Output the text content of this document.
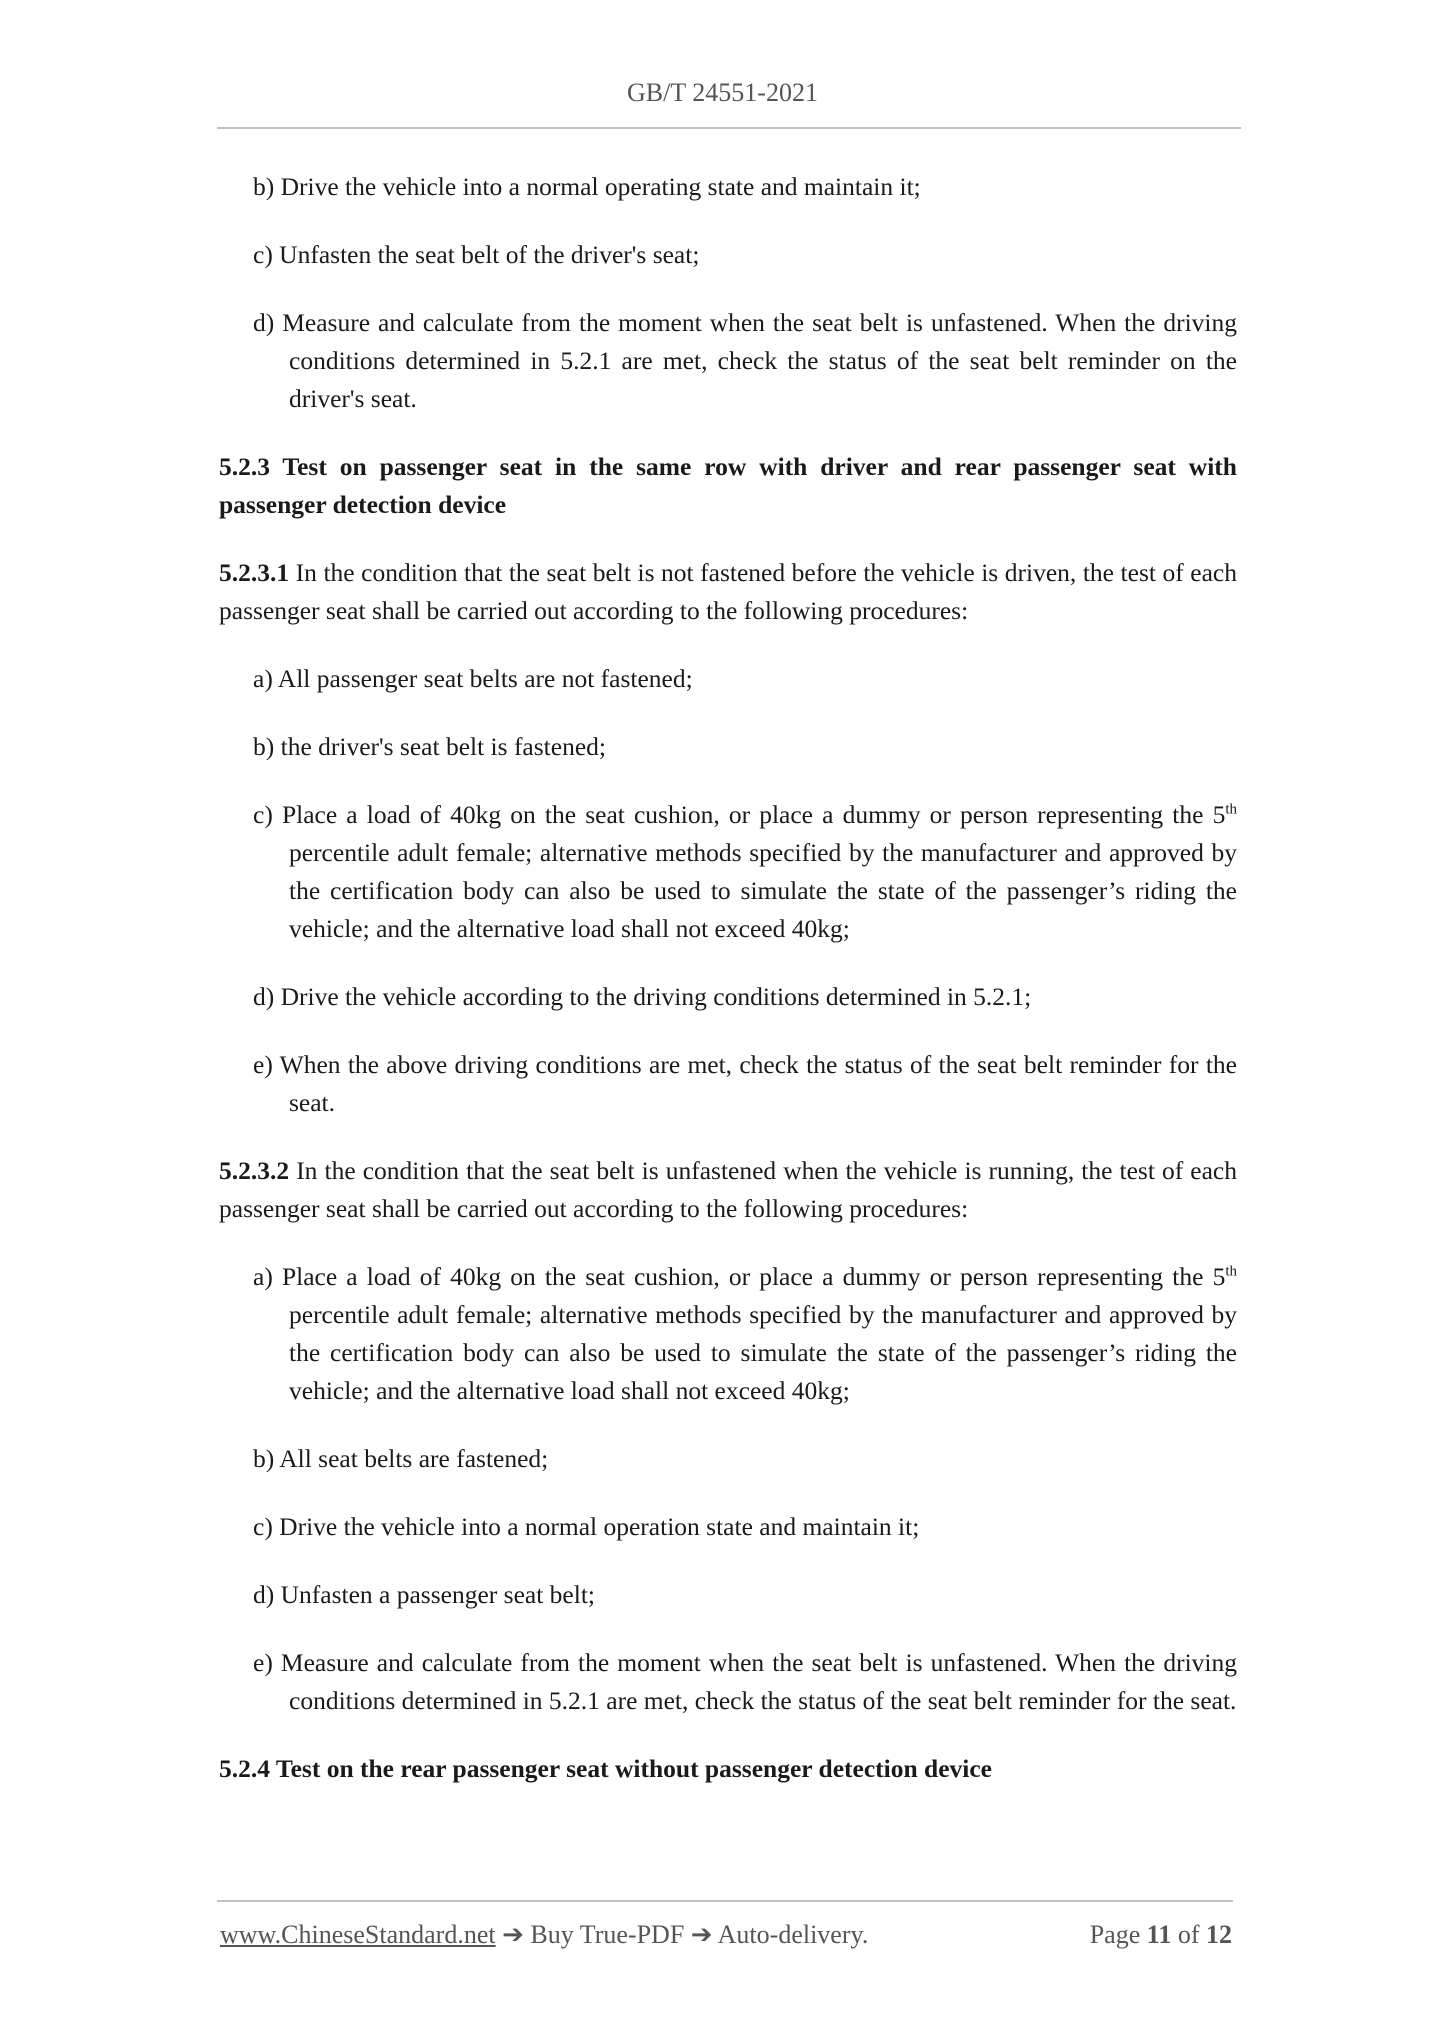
GB/T 24551-2021

b) Drive the vehicle into a normal operating state and maintain it;

c) Unfasten the seat belt of the driver's seat;

d) Measure and calculate from the moment when the seat belt is unfastened. When the driving conditions determined in 5.2.1 are met, check the status of the seat belt reminder on the driver's seat.

5.2.3 Test on passenger seat in the same row with driver and rear passenger seat with passenger detection device

5.2.3.1 In the condition that the seat belt is not fastened before the vehicle is driven, the test of each passenger seat shall be carried out according to the following procedures:

a) All passenger seat belts are not fastened;

b) the driver's seat belt is fastened;

c) Place a load of 40kg on the seat cushion, or place a dummy or person representing the 5th percentile adult female; alternative methods specified by the manufacturer and approved by the certification body can also be used to simulate the state of the passenger’s riding the vehicle; and the alternative load shall not exceed 40kg;

d) Drive the vehicle according to the driving conditions determined in 5.2.1;

e) When the above driving conditions are met, check the status of the seat belt reminder for the seat.

5.2.3.2 In the condition that the seat belt is unfastened when the vehicle is running, the test of each passenger seat shall be carried out according to the following procedures:

a) Place a load of 40kg on the seat cushion, or place a dummy or person representing the 5th percentile adult female; alternative methods specified by the manufacturer and approved by the certification body can also be used to simulate the state of the passenger’s riding the vehicle; and the alternative load shall not exceed 40kg;

b) All seat belts are fastened;

c) Drive the vehicle into a normal operation state and maintain it;

d) Unfasten a passenger seat belt;

e) Measure and calculate from the moment when the seat belt is unfastened. When the driving conditions determined in 5.2.1 are met, check the status of the seat belt reminder for the seat.

5.2.4 Test on the rear passenger seat without passenger detection device

www.ChineseStandard.net ➔ Buy True-PDF ➔ Auto-delivery.	Page 11 of 12
